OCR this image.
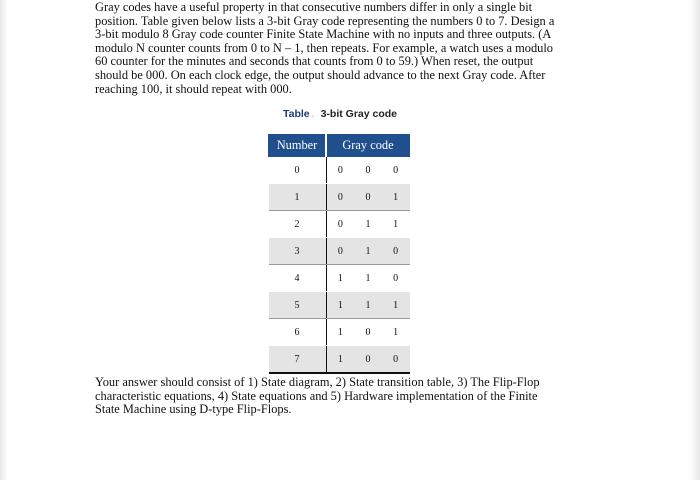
Gray codes have a useful property in that consecutive numbers differ in only a single bit
position. Table given below lists a 3-bit Gray code representing the numbers 0 to 7. Design a
3-bit modulo 8 Gray code counter Finite State Machine with no inputs and three outputs. (A
modulo N counter counts from 0 to N – 1, then repeats. For example, a watch uses a modulo
60 counter for the minutes and seconds that counts from 0 to 59.) When reset, the output
should be 000. On each clock edge, the output should advance to the next Gray code. After
reaching 100, it should repeat with 000.

Table . 3-bit Gray code
Number	Gray code		
0	0	0	0
1	0	0	1
2	0	1	1
3	0	1	0
4	1	1	0
5	1	1	1
6	1	0	1
7	1	0	0

Your answer should consist of 1) State diagram, 2) State transition table, 3) The Flip-Flop
characteristic equations, 4) State equations and 5) Hardware implementation of the Finite
State Machine using D-type Flip-Flops.
